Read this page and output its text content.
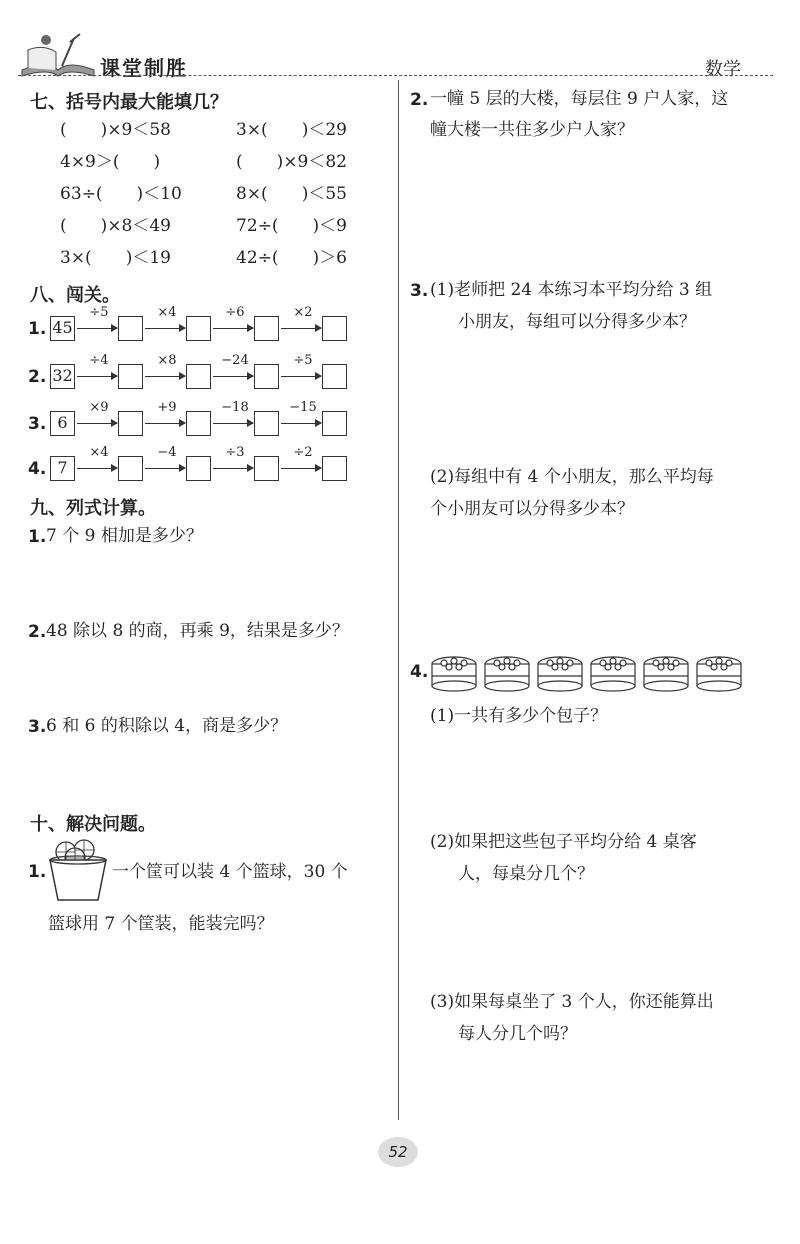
课堂制胜	数学
七、括号内最大能填几？
(　　)×9＜58	3×(　　)＜29
4×9＞(　　)	(　　)×9＜82
63÷(　　)＜10	8×(　　)＜55
(　　)×8＜49	72÷(　　)＜9
3×(　　)＜19	42÷(　　)＞6
八、闯关。
1. 45
÷5	×4	÷6	×2
2. 32
÷4	×8	−24	÷5
3. 6
×9	+9	−18	−15
4. 7
×4	−4	÷3	÷2
九、列式计算。
1. 7 个 9 相加是多少？
2. 48 除以 8 的商，再乘 9，结果是多少？
3. 6 和 6 的积除以 4，商是多少？
十、解决问题。
1.	一个筐可以装 4 个篮球，30 个
篮球用 7 个筐装，能装完吗？
2. 一幢 5 层的大楼，每层住 9 户人家，这
幢大楼一共住多少户人家？
3. (1)老师把 24 本练习本平均分给 3 组
小朋友，每组可以分得多少本？
(2)每组中有 4 个小朋友，那么平均每
个小朋友可以分得多少本？
4.
(1)一共有多少个包子？
(2)如果把这些包子平均分给 4 桌客
人，每桌分几个？
(3)如果每桌坐了 3 个人，你还能算出
每人分几个吗？
52
